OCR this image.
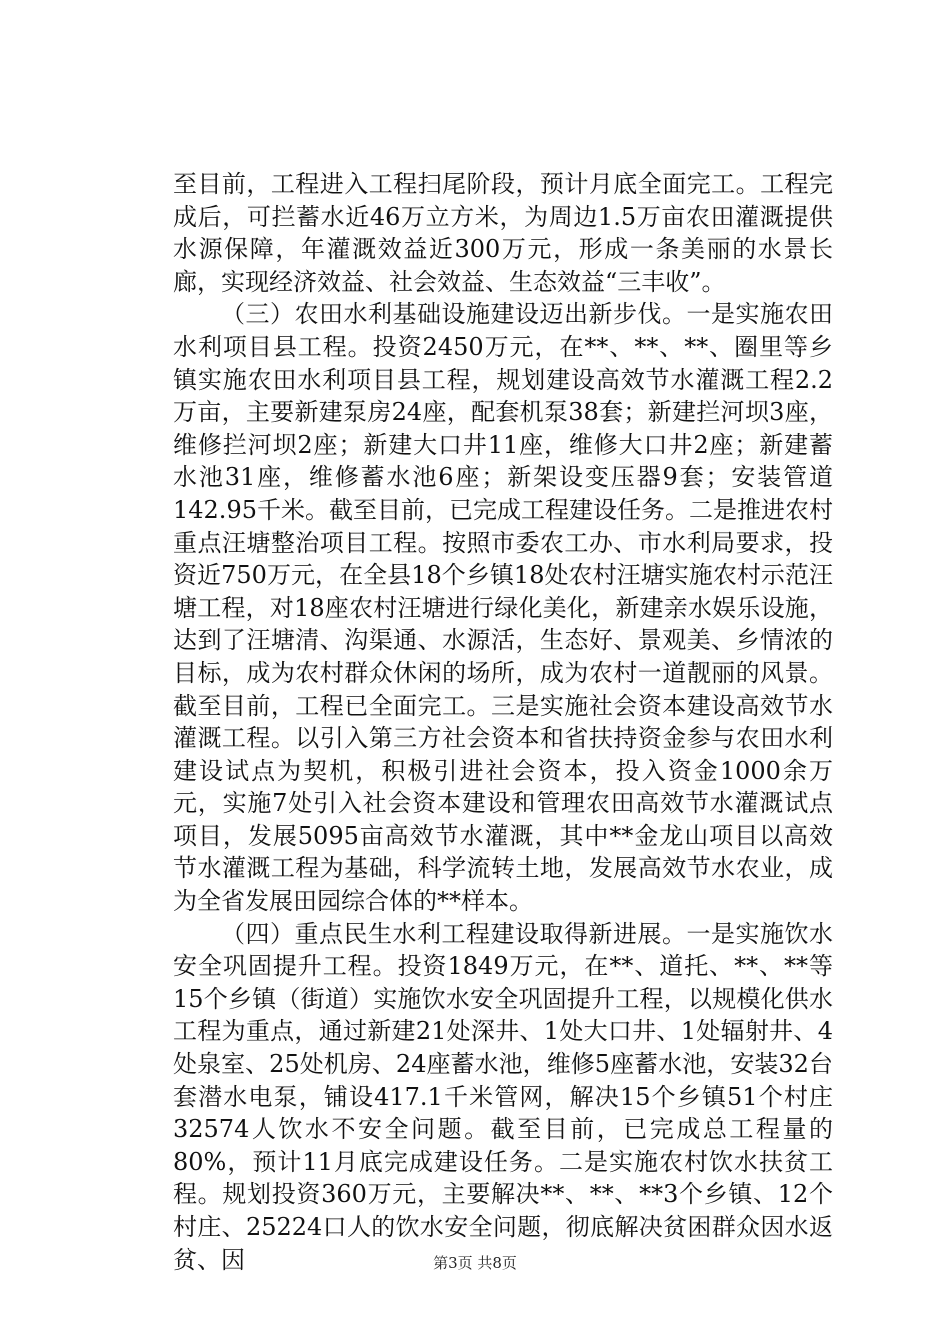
至目前，工程进入工程扫尾阶段，预计月底全面完工。工程完成后，可拦蓄水近46万立方米，为周边1.5万亩农田灌溉提供水源保障，年灌溉效益近300万元，形成一条美丽的水景长廊，实现经济效益、社会效益、生态效益“三丰收”。

（三）农田水利基础设施建设迈出新步伐。一是实施农田水利项目县工程。投资2450万元，在**、**、**、圈里等乡镇实施农田水利项目县工程，规划建设高效节水灌溉工程2.2万亩，主要新建泵房24座，配套机泵38套；新建拦河坝3座，维修拦河坝2座；新建大口井11座，维修大口井2座；新建蓄水池31座，维修蓄水池6座；新架设变压器9套；安装管道142.95千米。截至目前，已完成工程建设任务。二是推进农村重点汪塘整治项目工程。按照市委农工办、市水利局要求，投资近750万元，在全县18个乡镇18处农村汪塘实施农村示范汪塘工程，对18座农村汪塘进行绿化美化，新建亲水娱乐设施，达到了汪塘清、沟渠通、水源活，生态好、景观美、乡情浓的目标，成为农村群众休闲的场所，成为农村一道靓丽的风景。截至目前，工程已全面完工。三是实施社会资本建设高效节水灌溉工程。以引入第三方社会资本和省扶持资金参与农田水利建设试点为契机，积极引进社会资本，投入资金1000余万元，实施7处引入社会资本建设和管理农田高效节水灌溉试点项目，发展5095亩高效节水灌溉，其中**金龙山项目以高效节水灌溉工程为基础，科学流转土地，发展高效节水农业，成为全省发展田园综合体的**样本。

（四）重点民生水利工程建设取得新进展。一是实施饮水安全巩固提升工程。投资1849万元，在**、道托、**、**等15个乡镇（街道）实施饮水安全巩固提升工程，以规模化供水工程为重点，通过新建21处深井、1处大口井、1处辐射井、4处泉室、25处机房、24座蓄水池，维修5座蓄水池，安装32台套潜水电泵，铺设417.1千米管网，解决15个乡镇51个村庄32574人饮水不安全问题。截至目前，已完成总工程量的80%，预计11月底完成建设任务。二是实施农村饮水扶贫工程。规划投资360万元，主要解决**、**、**3个乡镇、12个村庄、25224口人的饮水安全问题，彻底解决贫困群众因水返贫、因	第3页 共8页
